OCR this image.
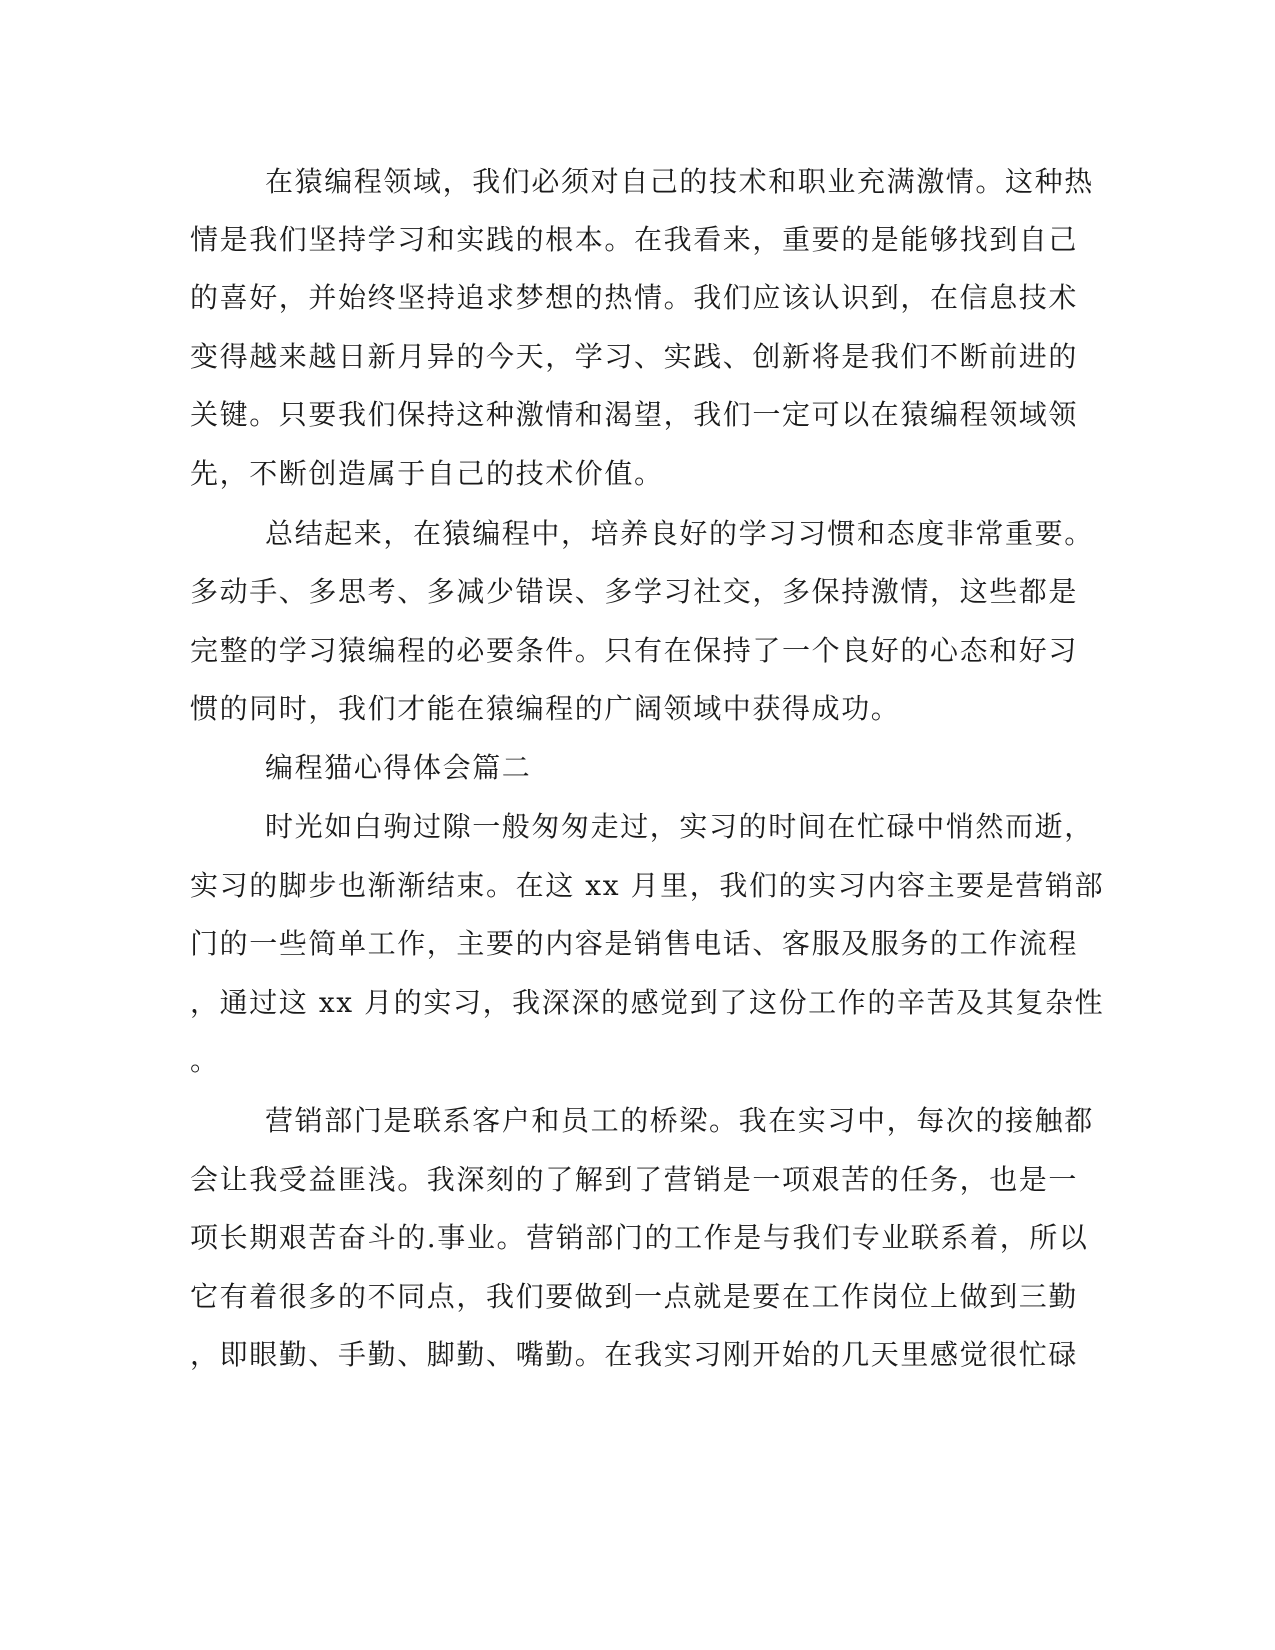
在猿编程领域，我们必须对自己的技术和职业充满激情。这种热
情是我们坚持学习和实践的根本。在我看来，重要的是能够找到自己
的喜好，并始终坚持追求梦想的热情。我们应该认识到，在信息技术
变得越来越日新月异的今天，学习、实践、创新将是我们不断前进的
关键。只要我们保持这种激情和渴望，我们一定可以在猿编程领域领
先，不断创造属于自己的技术价值。
总结起来，在猿编程中，培养良好的学习习惯和态度非常重要。
多动手、多思考、多减少错误、多学习社交，多保持激情，这些都是
完整的学习猿编程的必要条件。只有在保持了一个良好的心态和好习
惯的同时，我们才能在猿编程的广阔领域中获得成功。
编程猫心得体会篇二
时光如白驹过隙一般匆匆走过，实习的时间在忙碌中悄然而逝，
实习的脚步也渐渐结束。在这 xx 月里，我们的实习内容主要是营销部
门的一些简单工作，主要的内容是销售电话、客服及服务的工作流程
，通过这 xx 月的实习，我深深的感觉到了这份工作的辛苦及其复杂性
。
营销部门是联系客户和员工的桥梁。我在实习中，每次的接触都
会让我受益匪浅。我深刻的了解到了营销是一项艰苦的任务，也是一
项长期艰苦奋斗的.事业。营销部门的工作是与我们专业联系着，所以
它有着很多的不同点，我们要做到一点就是要在工作岗位上做到三勤
，即眼勤、手勤、脚勤、嘴勤。在我实习刚开始的几天里感觉很忙碌
